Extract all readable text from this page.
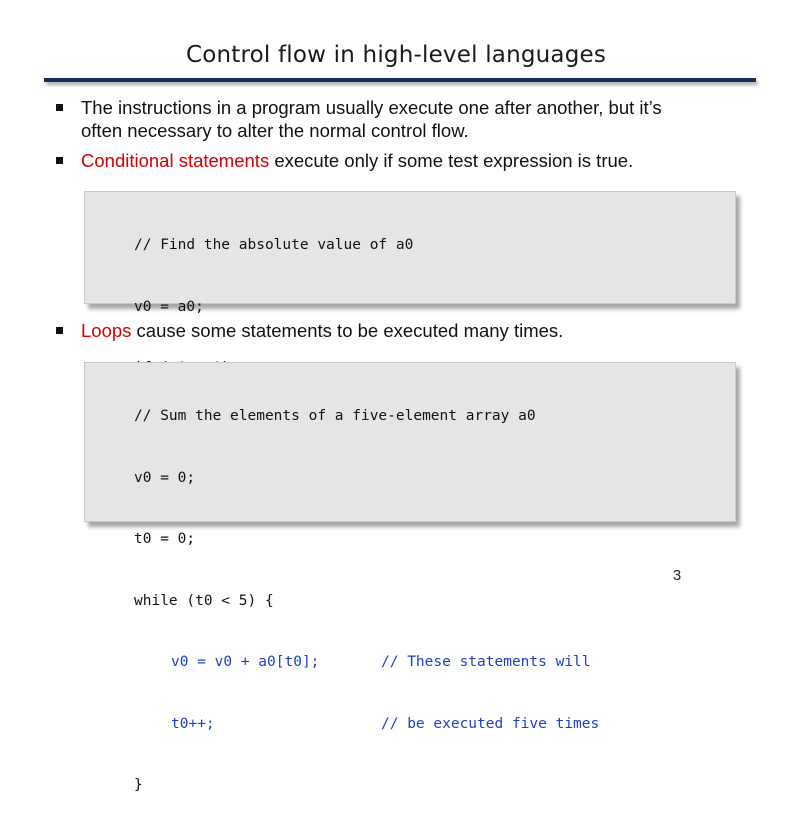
Control flow in high-level languages
The instructions in a program usually execute one after another, but it’s
often necessary to alter the normal control flow.
Conditional statements execute only if some test expression is true.

// Find the absolute value of a0

v0 = a0;

Loops cause some statements to be executed many times.

// Sum the elements of a five-element array a0

v0 = 0;

t0 = 0;

while (t0 < 5) {

v0 = v0 + a0[t0];	// These statements will

t0++;	// be executed five times

}

3
